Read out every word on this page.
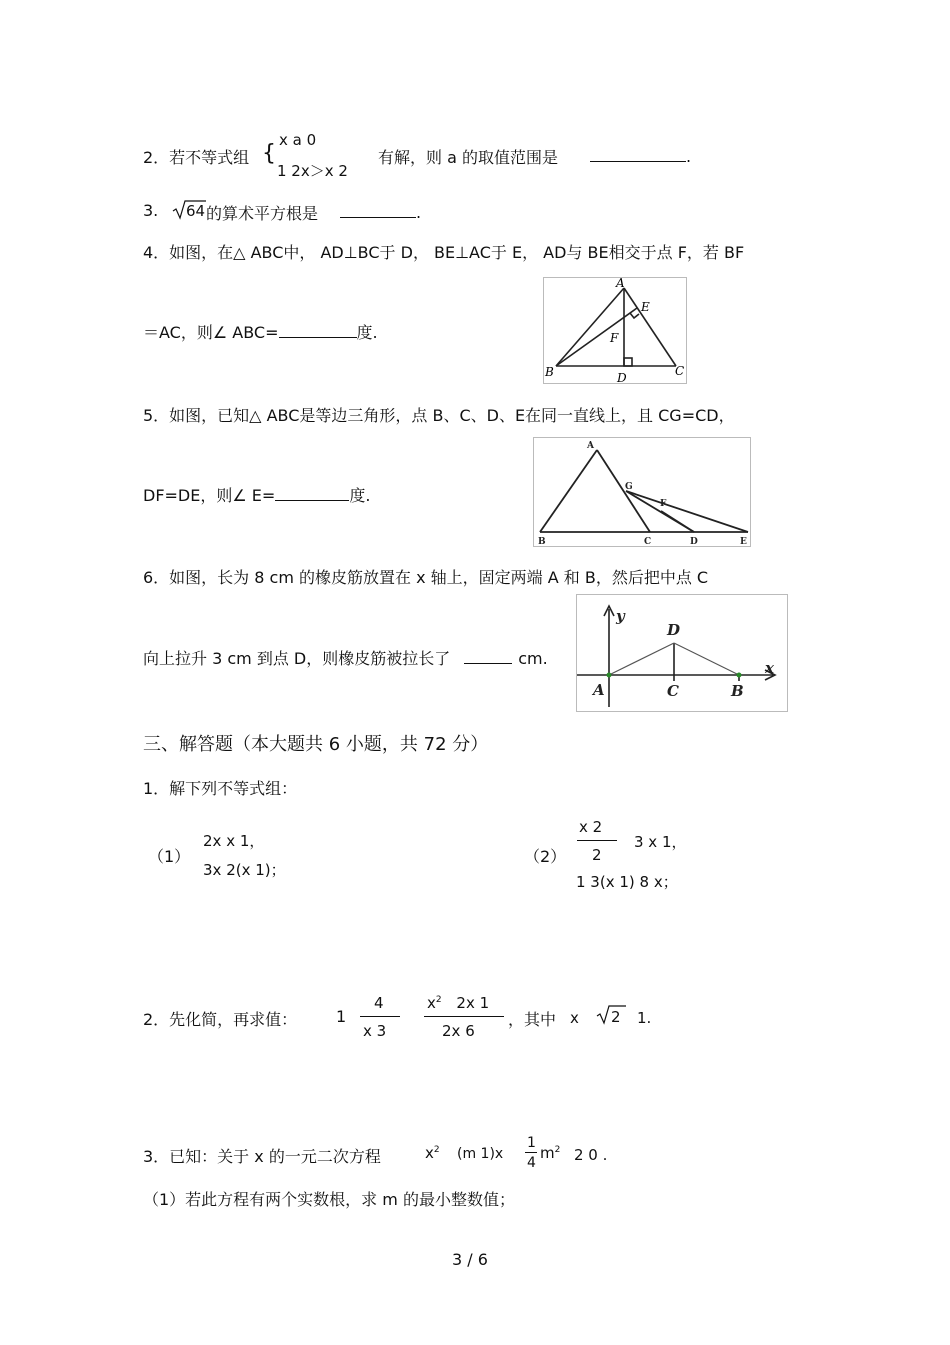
2．若不等式组 {
x a 0
1 2x＞x 2
有解，则 a 的取值范围是	.
3. 64 的算术平方根是	.
4．如图，在△ ABC中， AD⊥BC于 D， BE⊥AC于 E， AD与 BE相交于点 F，若 BF
＝AC，则∠ ABC=	度.
A
E
F
B	D	C
5．如图，已知△ ABC是等边三角形，点 B、C、D、E在同一直线上，且 CG=CD，
DF=DE，则∠ E=	度.
A
G
F
B	C	D	E
6．如图，长为 8 cm 的橡皮筋放置在 x 轴上，固定两端 A 和 B，然后把中点 C
向上拉升 3 cm 到点 D，则橡皮筋被拉长了	cm.
y
D
x
A	C	B
三、解答题（本大题共 6 小题，共 72 分）
1．解下列不等式组：
（1）
2x x 1，
3x 2(x 1)；
（2）
x 2
2
3 x 1，
1 3(x 1) 8 x；
2．先化简，再求值： 1
4
x 3
$x^2$ 2x 1
2x 6
，其中 x 2 1.
3．已知：关于 x 的一元二次方程	$x^2$ (m 1)x
1
4
$m^2$ 2 0 .
（1）若此方程有两个实数根，求 m 的最小整数值；
3 / 6
